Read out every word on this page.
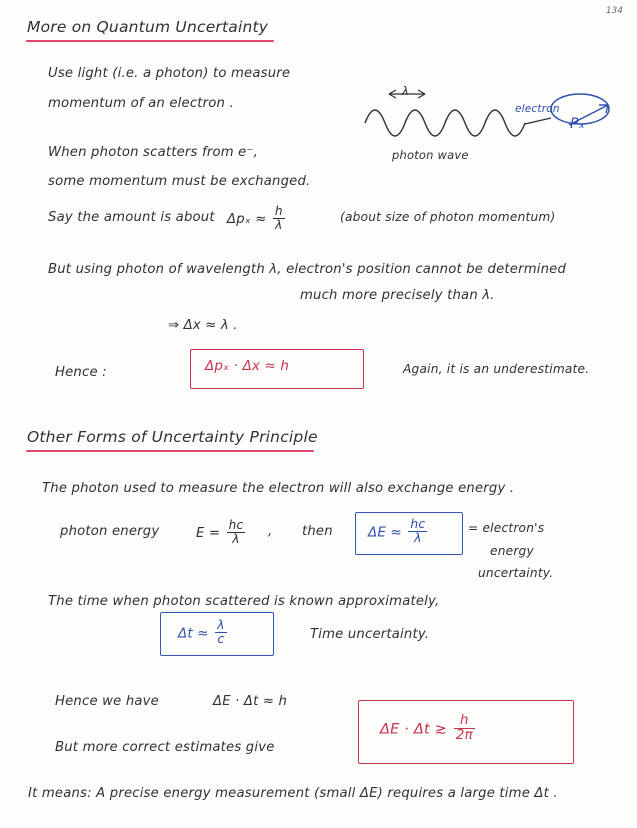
134
More on Quantum Uncertainty
Use light (i.e. a photon) to measure
momentum of an electron .
When photon scatters from e⁻,
some momentum must be exchanged.
Say the amount is about $\Delta p_x \approx \frac{h}{\lambda}$	(about size of photon momentum)
But using photon of wavelength λ, electron's position cannot be determined
much more precisely than λ.
⇒ Δx ≈ λ .
Hence :	Δpₓ · Δx ≈ h	Again, it is an underestimate.
λ
photon wave
electron
Pₓ
Other Forms of Uncertainty Principle
The photon used to measure the electron will also exchange energy .
photon energy	$E = \frac{hc}{\lambda}$ , then	$\Delta E \approx \frac{hc}{\lambda}$	= electron's
energy
uncertainty.
The time when photon scattered is known approximately,
$\Delta t \approx \frac{\lambda}{c}$	Time uncertainty.
Hence we have	ΔE · Δt ≈ h
But more correct estimates give
ΔE · Δt ≳ $\frac{h}{2\pi}$
It means: A precise energy measurement (small ΔE) requires a large time Δt .
